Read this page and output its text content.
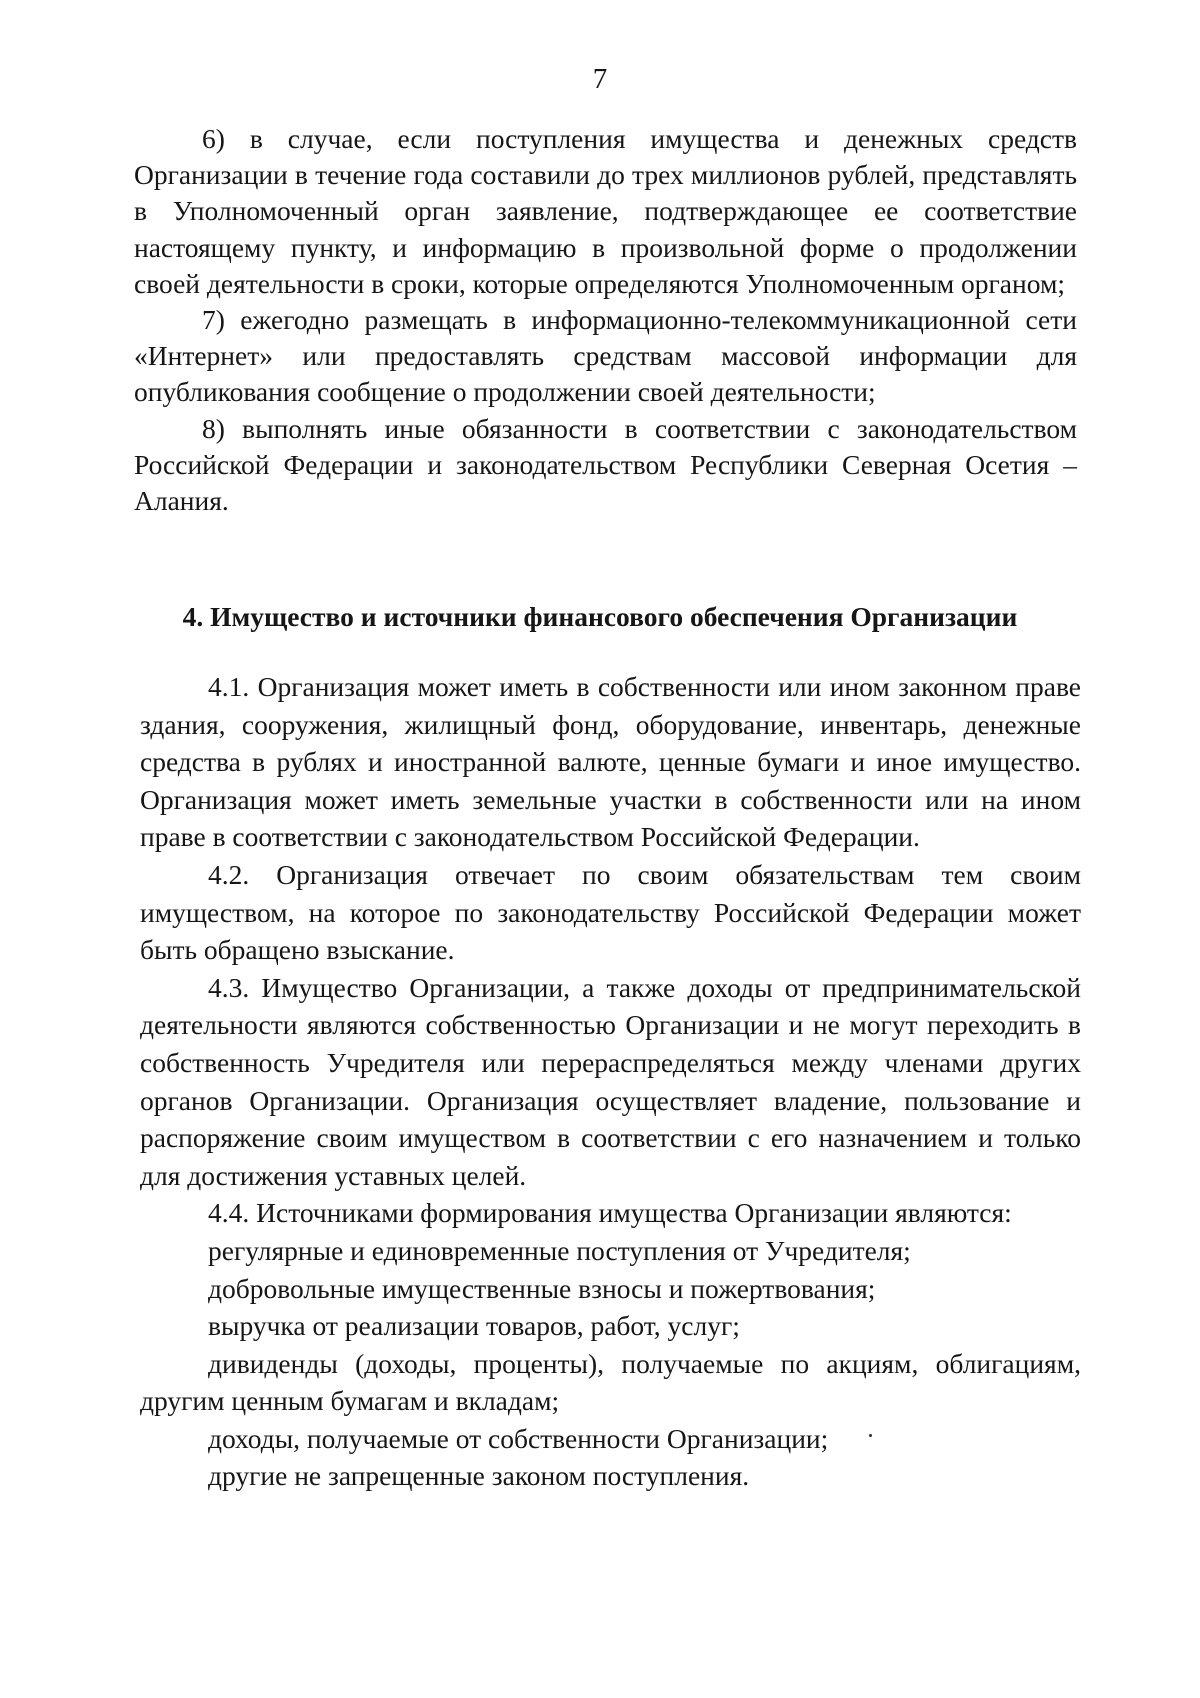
7

6) в случае, если поступления имущества и денежных средств Организации в течение года составили до трех миллионов рублей, представлять в Уполномоченный орган заявление, подтверждающее ее соответствие настоящему пункту, и информацию в произвольной форме о продолжении своей деятельности в сроки, которые определяются Уполномоченным органом;

7) ежегодно размещать в информационно-телекоммуникационной сети «Интернет» или предоставлять средствам массовой информации для опубликования сообщение о продолжении своей деятельности;

8) выполнять иные обязанности в соответствии с законодательством Российской Федерации и законодательством Республики Северная Осетия – Алания.

4. Имущество и источники финансового обеспечения Организации

4.1. Организация может иметь в собственности или ином законном праве здания, сооружения, жилищный фонд, оборудование, инвентарь, денежные средства в рублях и иностранной валюте, ценные бумаги и иное имущество. Организация может иметь земельные участки в собственности или на ином праве в соответствии с законодательством Российской Федерации.

4.2. Организация отвечает по своим обязательствам тем своим имуществом, на которое по законодательству Российской Федерации может быть обращено взыскание.

4.3. Имущество Организации, а также доходы от предпринимательской деятельности являются собственностью Организации и не могут переходить в собственность Учредителя или перераспределяться между членами других органов Организации. Организация осуществляет владение, пользование и распоряжение своим имуществом в соответствии с его назначением и только для достижения уставных целей.

4.4. Источниками формирования имущества Организации являются:

регулярные и единовременные поступления от Учредителя;

добровольные имущественные взносы и пожертвования;

выручка от реализации товаров, работ, услуг;

дивиденды (доходы, проценты), получаемые по акциям, облигациям, другим ценным бумагам и вкладам;

доходы, получаемые от собственности Организации;

другие не запрещенные законом поступления.
